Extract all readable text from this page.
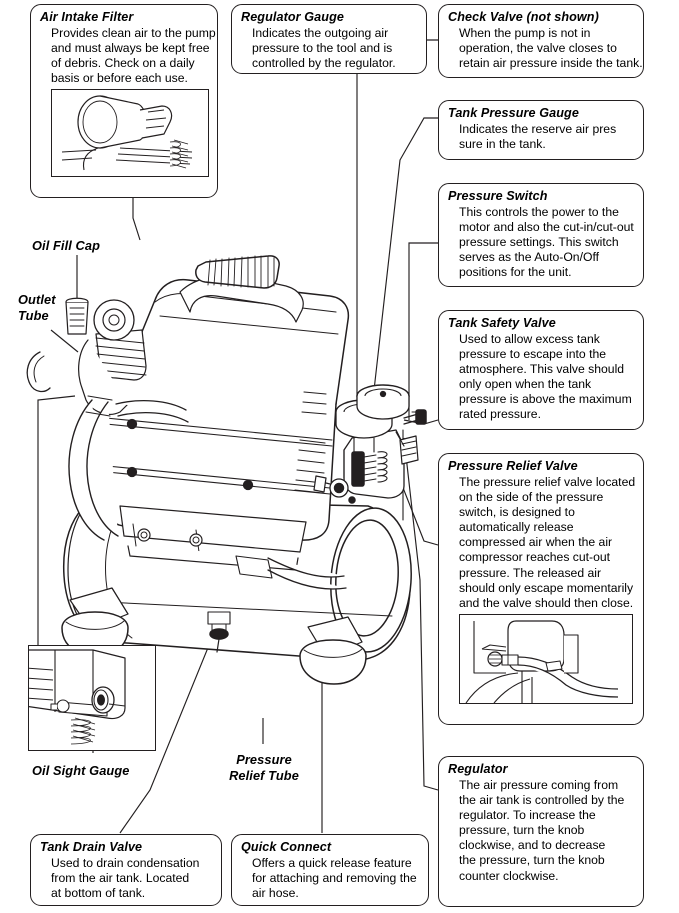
Air Intake Filter
Provides clean air to the pump
and must always be kept free
of debris. Check on a daily
basis or before each use.
Regulator Gauge
Indicates the outgoing air
pressure to the tool and is
controlled by the regulator.
Check Valve (not shown)
When the pump is not in
operation, the valve closes to
retain air pressure inside the tank.
Tank Pressure Gauge
Indicates the reserve air pres
sure in the tank.
Pressure Switch
This controls the power to the
motor and also the cut-in/cut-out
pressure settings. This switch
serves as the Auto-On/Off
positions for the unit.
Tank Safety Valve
Used to allow excess tank
pressure to escape into the
atmosphere. This valve should
only open when the tank
pressure is above the maximum
rated pressure.
Pressure Relief Valve
The pressure relief valve located
on the side of the pressure
switch, is designed to
automatically release
compressed air when the air
compressor reaches cut-out
pressure. The released air
should only escape momentarily
and the valve should then close.
Regulator
The air pressure coming from
the air tank is controlled by the
regulator. To increase the
pressure, turn the knob
clockwise, and to decrease
the pressure, turn the knob
counter clockwise.
Tank Drain Valve
Used to drain condensation
from the air tank. Located
at bottom of tank.
Quick Connect
Offers a quick release feature
for attaching and removing the
air hose.
Oil Fill Cap
Outlet
Tube
Oil Sight Gauge
Pressure
Relief Tube
